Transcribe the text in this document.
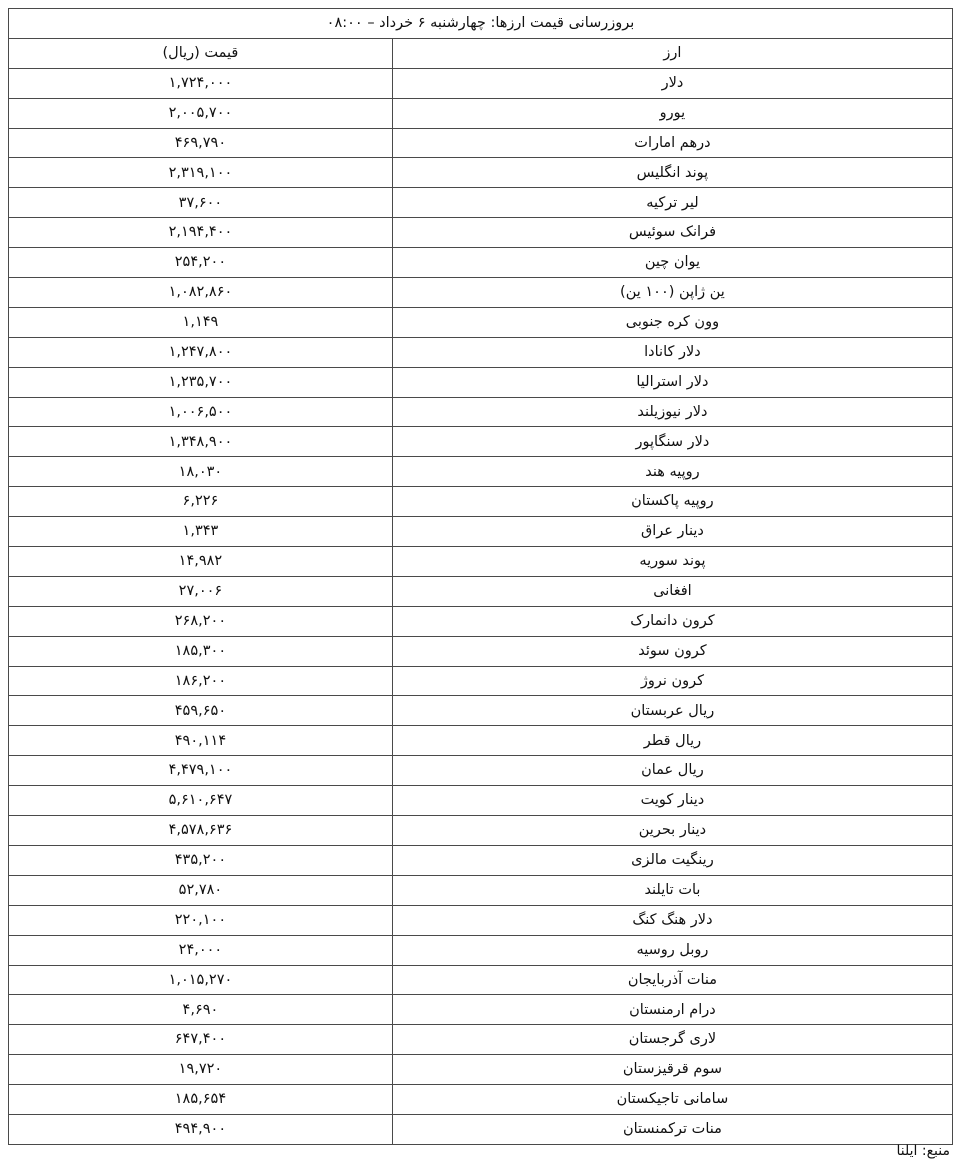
بروزرسانی قیمت ارزها: چهارشنبه ۶ خرداد – ۰۸:۰۰	
قیمت (ریال)	ارز
۱,۷۲۴,۰۰۰	دلار
۲,۰۰۵,۷۰۰	یورو
۴۶۹,۷۹۰	درهم امارات
۲,۳۱۹,۱۰۰	پوند انگلیس
۳۷,۶۰۰	لیر ترکیه
۲,۱۹۴,۴۰۰	فرانک سوئیس
۲۵۴,۲۰۰	یوان چین
۱,۰۸۲,۸۶۰	ین ژاپن (۱۰۰ ین)
۱,۱۴۹	وون کره جنوبی
۱,۲۴۷,۸۰۰	دلار کانادا
۱,۲۳۵,۷۰۰	دلار استرالیا
۱,۰۰۶,۵۰۰	دلار نیوزیلند
۱,۳۴۸,۹۰۰	دلار سنگاپور
۱۸,۰۳۰	روپیه هند
۶,۲۲۶	روپیه پاکستان
۱,۳۴۳	دینار عراق
۱۴,۹۸۲	پوند سوریه
۲۷,۰۰۶	افغانی
۲۶۸,۲۰۰	کرون دانمارک
۱۸۵,۳۰۰	کرون سوئد
۱۸۶,۲۰۰	کرون نروژ
۴۵۹,۶۵۰	ریال عربستان
۴۹۰,۱۱۴	ریال قطر
۴,۴۷۹,۱۰۰	ریال عمان
۵,۶۱۰,۶۴۷	دینار کویت
۴,۵۷۸,۶۳۶	دینار بحرین
۴۳۵,۲۰۰	رینگیت مالزی
۵۲,۷۸۰	بات تایلند
۲۲۰,۱۰۰	دلار هنگ کنگ
۲۴,۰۰۰	روبل روسیه
۱,۰۱۵,۲۷۰	منات آذربایجان
۴,۶۹۰	درام ارمنستان
۶۴۷,۴۰۰	لاری گرجستان
۱۹,۷۲۰	سوم قرقیزستان
۱۸۵,۶۵۴	سامانی تاجیکستان
۴۹۴,۹۰۰	منات ترکمنستان
منبع: ایلنا
